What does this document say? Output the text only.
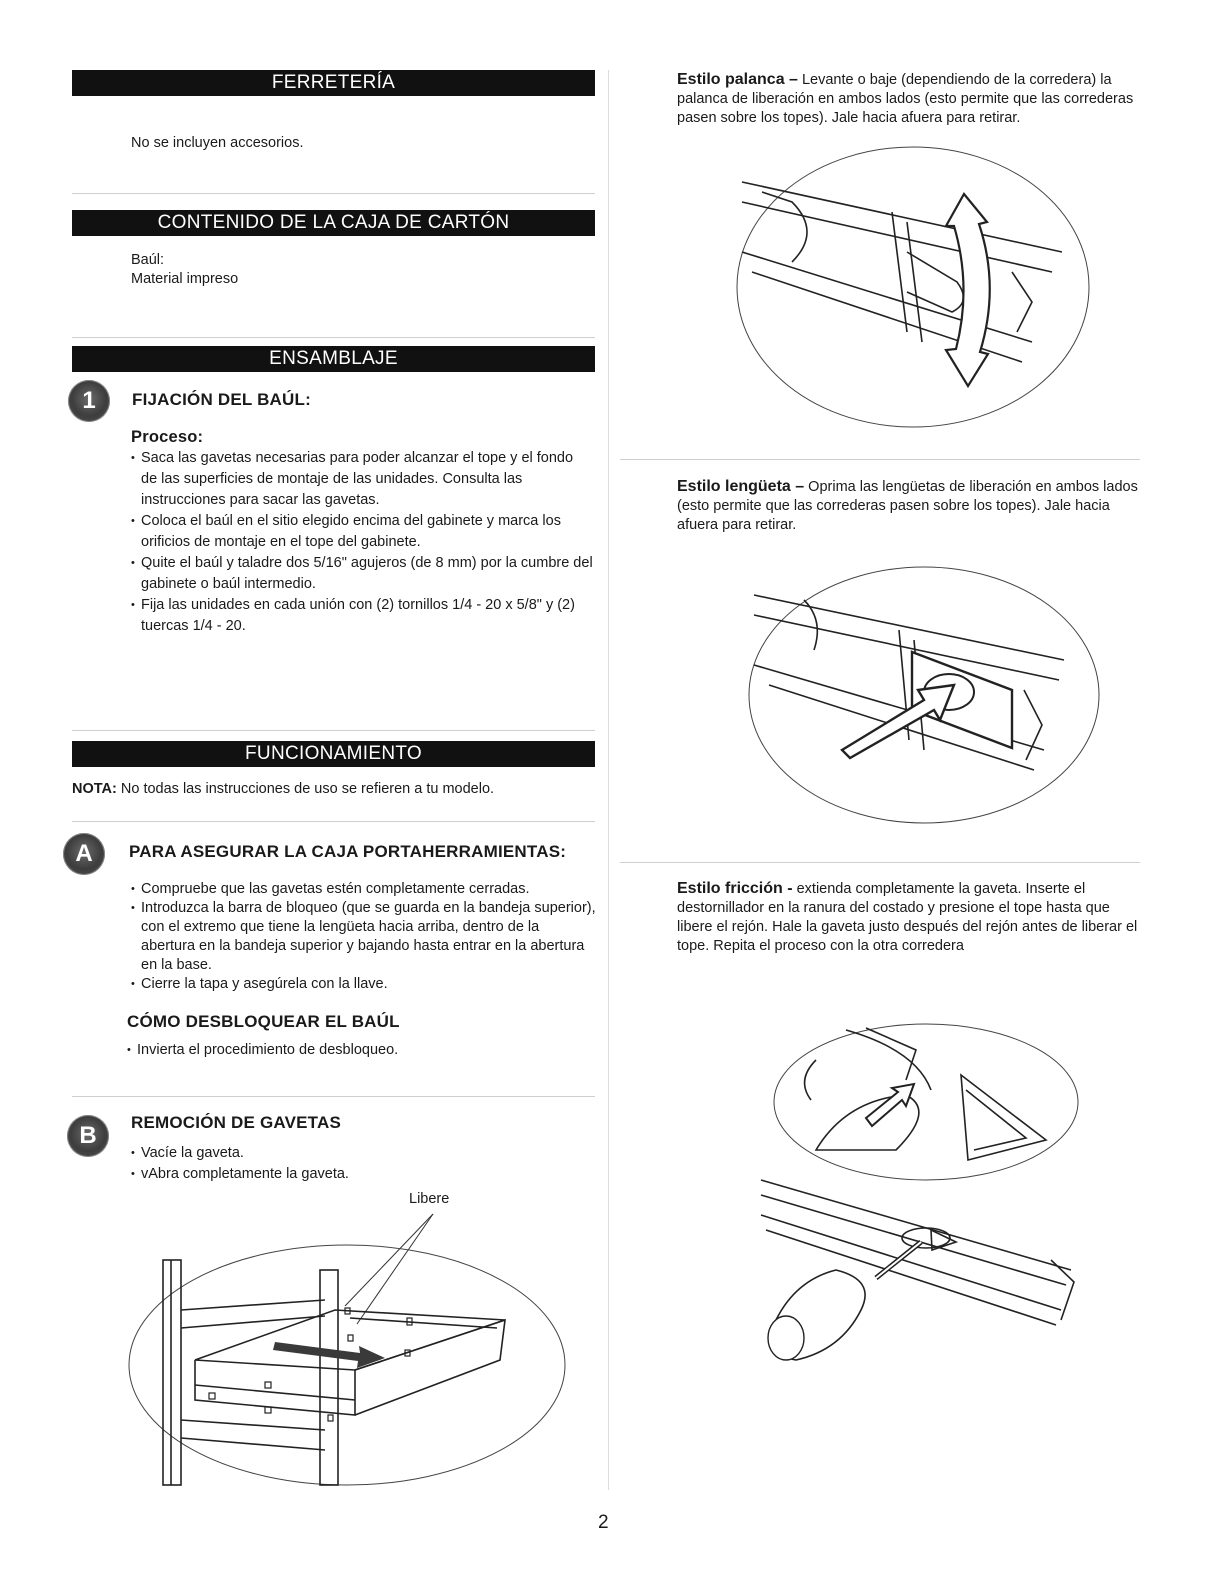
FERRETERÍA
No se incluyen accesorios.
CONTENIDO DE LA CAJA DE CARTÓN
Baúl:
Material impreso
ENSAMBLAJE
1	FIJACIÓN DEL BAÚL:
Proceso:
• Saca las gavetas necesarias para poder alcanzar el tope y el fondo de las superficies de montaje de las unidades. Consulta las instrucciones para sacar las gavetas.
• Coloca el baúl en el sitio elegido encima del gabinete y marca los orificios de montaje en el tope del gabinete.
• Quite el baúl y taladre dos 5/16" agujeros (de 8 mm) por la cumbre del gabinete o baúl intermedio.
• Fija las unidades en cada unión con (2) tornillos 1/4 - 20 x 5/8" y (2) tuercas 1/4 - 20.
FUNCIONAMIENTO
NOTA: No todas las instrucciones de uso se refieren a tu modelo.
A	PARA ASEGURAR LA CAJA PORTAHERRAMIENTAS:
• Compruebe que las gavetas estén completamente cerradas.
• Introduzca la barra de bloqueo (que se guarda en la bandeja superior), con el extremo que tiene la lengüeta hacia arriba, dentro de la abertura en la bandeja superior y bajando hasta entrar en la abertura en la base.
• Cierre la tapa y asegúrela con la llave.
CÓMO DESBLOQUEAR EL BAÚL
• Invierta el procedimiento de desbloqueo.
B	REMOCIÓN DE GAVETAS
• Vacíe la gaveta.
• vAbra completamente la gaveta.
Libere
Estilo palanca – Levante o baje (dependiendo de la corredera) la palanca de liberación en ambos lados (esto permite que las correderas pasen sobre los topes). Jale hacia afuera para retirar.
Estilo lengüeta – Oprima las lengüetas de liberación en ambos lados (esto permite que las correderas pasen sobre los topes). Jale hacia afuera para retirar.
Estilo fricción - extienda completamente la gaveta. Inserte el destornillador en la ranura del costado y presione el tope hasta que libere el rejón. Hale la gaveta justo después del rejón antes de liberar el tope. Repita el proceso con la otra corredera
2
